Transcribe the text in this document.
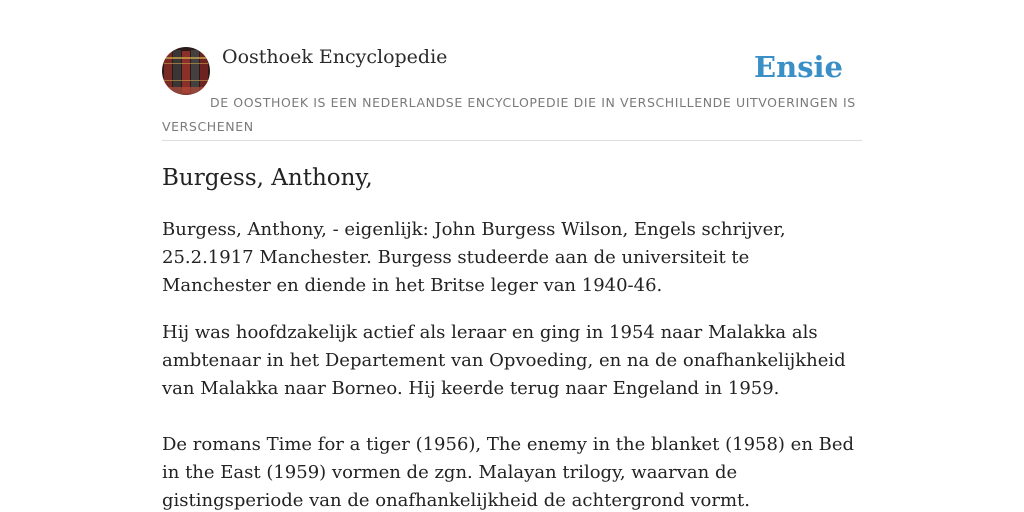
Oosthoek Encyclopedie	Ensie
DE OOSTHOEK IS EEN NEDERLANDSE ENCYCLOPEDIE DIE IN VERSCHILLENDE UITVOERINGEN IS VERSCHENEN
Burgess, Anthony,

Burgess, Anthony, - eigenlijk: John Burgess Wilson, Engels schrijver, 25.2.1917 Manchester. Burgess studeerde aan de universiteit te Manchester en diende in het Britse leger van 1940-46.

Hij was hoofdzakelijk actief als leraar en ging in 1954 naar Malakka als ambtenaar in het Departement van Opvoeding, en na de onafhankelijkheid van Malakka naar Borneo. Hij keerde terug naar Engeland in 1959.

De romans Time for a tiger (1956), The enemy in the blanket (1958) en Bed in the East (1959) vormen de zgn. Malayan trilogy, waarvan de gistingsperiode van de onafhankelijkheid de achtergrond vormt.
